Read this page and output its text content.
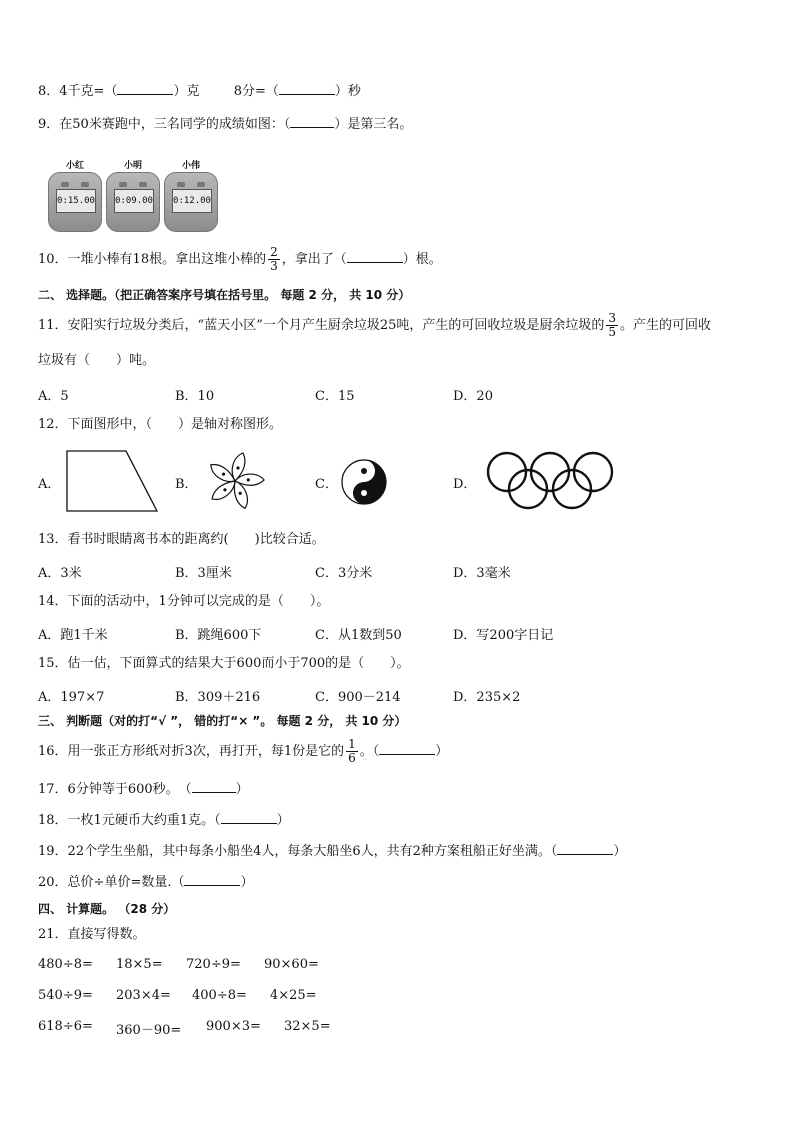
8．4千克=（	）克	8分=（	）秒
9．在50米赛跑中，三名同学的成绩如图：（	）是第三名。
小红
0:15.00
小明
0:09.00
小伟
0:12.00
10．一堆小棒有18根。拿出这堆小棒的 $\frac{2}{3}$ ，拿出了（	）根。
二、 选择题。（把正确答案序号填在括号里。 每题 2 分， 共 10 分）
11．安阳实行垃圾分类后，“蓝天小区”一个月产生厨余垃圾25吨，产生的可回收垃圾是厨余垃圾的 $\frac{3}{5}$ 。产生的可回收
垃圾有（　　）吨。
A．5	B．10	C．15	D．20
12．下面图形中，（　　）是轴对称图形。
A．	B．	C．	D．
13．看书时眼睛离书本的距离约(　　)比较合适。
A．3米	B．3厘米	C．3分米	D．3毫米
14．下面的活动中，1分钟可以完成的是（　　）。
A．跑1千米	B．跳绳600下	C．从1数到50	D．写200字日记
15．估一估，下面算式的结果大于600而小于700的是（　　）。
A．197×7	B．309＋216	C．900－214	D．235×2
三、 判断题（对的打“√ ”， 错的打“× ”。 每题 2 分， 共 10 分）
16．用一张正方形纸对折3次，再打开，每1份是它的 $\frac{1}{6}$ 。（	）
17．6分钟等于600秒。　（	）
18．一枚1元硬币大约重1克。（	）
19．22个学生坐船，其中每条小船坐4人，每条大船坐6人，共有2种方案租船正好坐满。（	）
20．总价÷单价=数量.（	）
四、 计算题。 （28 分）
21．直接写得数。
480÷8= 18×5= 720÷9= 90×60=
540÷9= 203×4= 400÷8= 4×25=
618÷6= 360－90= 900×3= 32×5=
